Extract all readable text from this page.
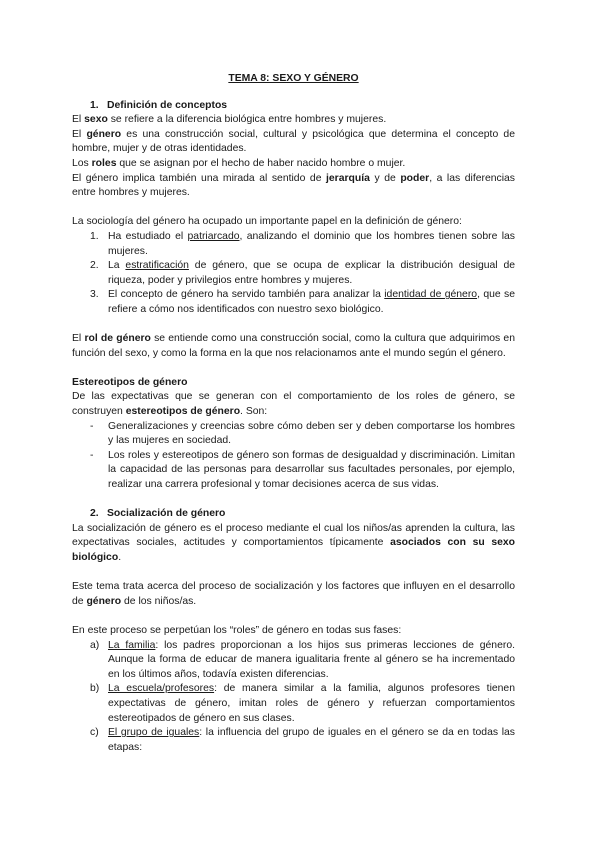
TEMA 8: SEXO Y GÉNERO

1. Definición de conceptos

El sexo se refiere a la diferencia biológica entre hombres y mujeres.

El género es una construcción social, cultural y psicológica que determina el concepto de hombre, mujer y de otras identidades.

Los roles que se asignan por el hecho de haber nacido hombre o mujer.

El género implica también una mirada al sentido de jerarquía y de poder, a las diferencias entre hombres y mujeres.

La sociología del género ha ocupado un importante papel en la definición de género:

1. Ha estudiado el patriarcado, analizando el dominio que los hombres tienen sobre las mujeres.
2. La estratificación de género, que se ocupa de explicar la distribución desigual de riqueza, poder y privilegios entre hombres y mujeres.
3. El concepto de género ha servido también para analizar la identidad de género, que se refiere a cómo nos identificados con nuestro sexo biológico.

El rol de género se entiende como una construcción social, como la cultura que adquirimos en función del sexo, y como la forma en la que nos relacionamos ante el mundo según el género.

Estereotipos de género

De las expectativas que se generan con el comportamiento de los roles de género, se construyen estereotipos de género. Son:

- Generalizaciones y creencias sobre cómo deben ser y deben comportarse los hombres y las mujeres en sociedad.
- Los roles y estereotipos de género son formas de desigualdad y discriminación. Limitan la capacidad de las personas para desarrollar sus facultades personales, por ejemplo, realizar una carrera profesional y tomar decisiones acerca de sus vidas.

2. Socialización de género

La socialización de género es el proceso mediante el cual los niños/as aprenden la cultura, las expectativas sociales, actitudes y comportamientos típicamente asociados con su sexo biológico.

Este tema trata acerca del proceso de socialización y los factores que influyen en el desarrollo de género de los niños/as.

En este proceso se perpetúan los “roles” de género en todas sus fases:

a) La familia: los padres proporcionan a los hijos sus primeras lecciones de género. Aunque la forma de educar de manera igualitaria frente al género se ha incrementado en los últimos años, todavía existen diferencias.
b) La escuela/profesores: de manera similar a la familia, algunos profesores tienen expectativas de género, imitan roles de género y refuerzan comportamientos estereotipados de género en sus clases.
c) El grupo de iguales: la influencia del grupo de iguales en el género se da en todas las etapas:
